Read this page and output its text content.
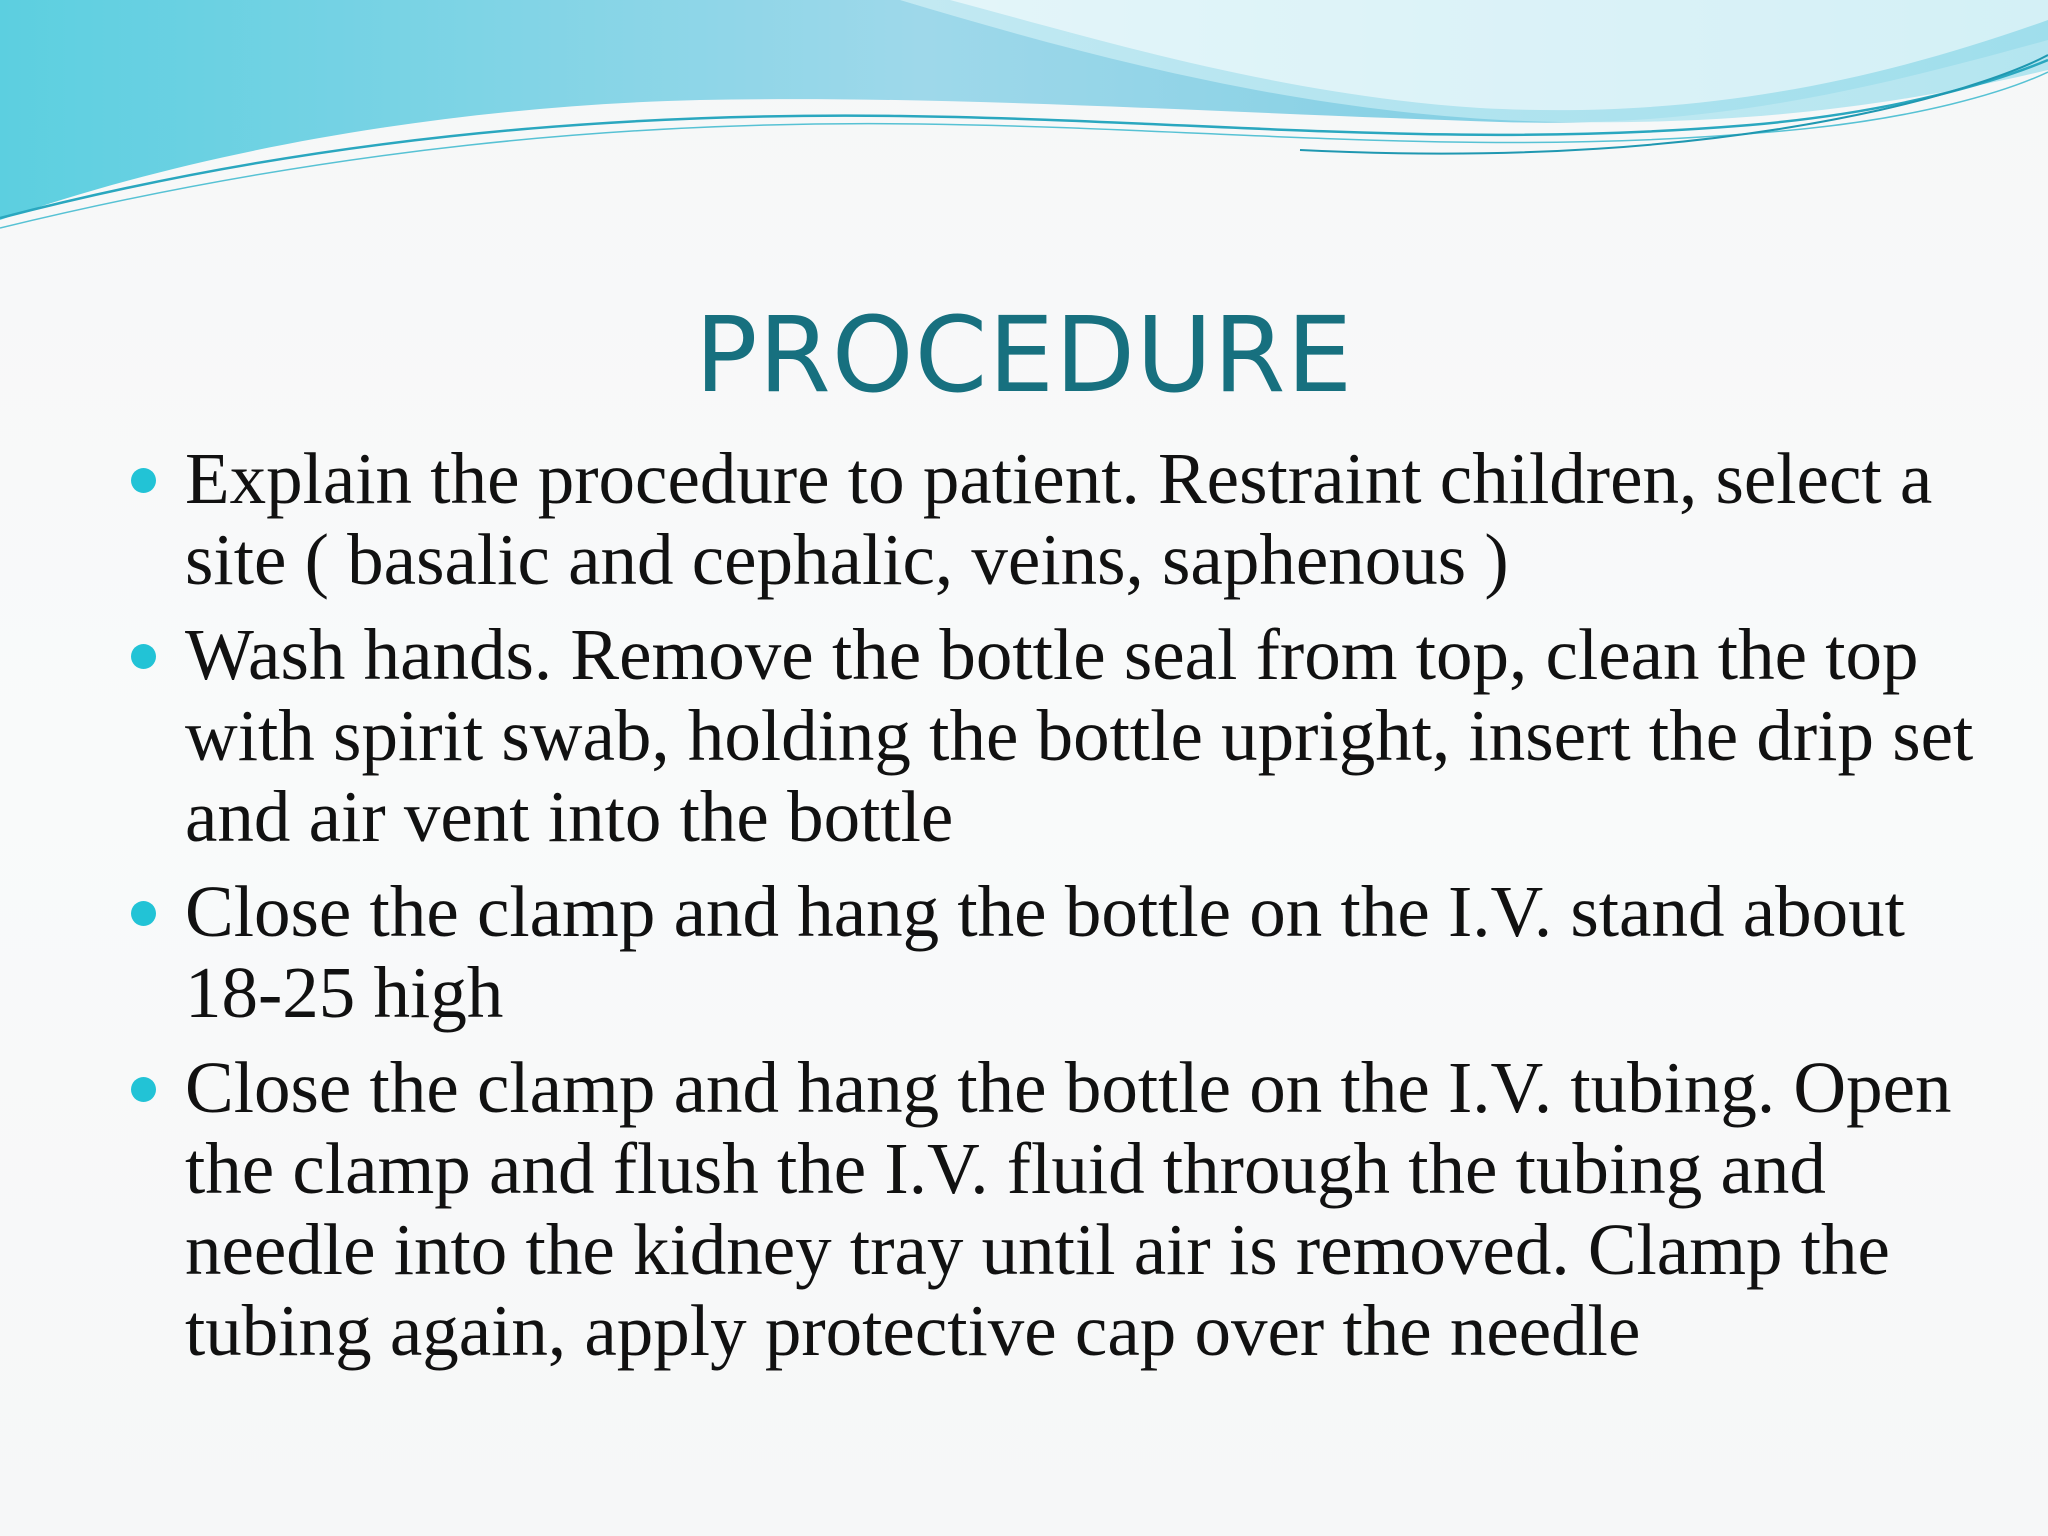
PROCEDURE
Explain the procedure to patient. Restraint children, select a site ( basalic and cephalic, veins, saphenous )
Wash hands. Remove the bottle seal from top, clean the top with spirit swab, holding the bottle upright, insert the drip set and air vent into the bottle
Close the clamp and hang the bottle on the I.V. stand about 18-25 high
Close the clamp and hang the bottle on the I.V. tubing. Open the clamp and flush the I.V. fluid through the tubing and needle into the kidney tray until air is removed. Clamp the tubing again, apply protective cap over the needle
